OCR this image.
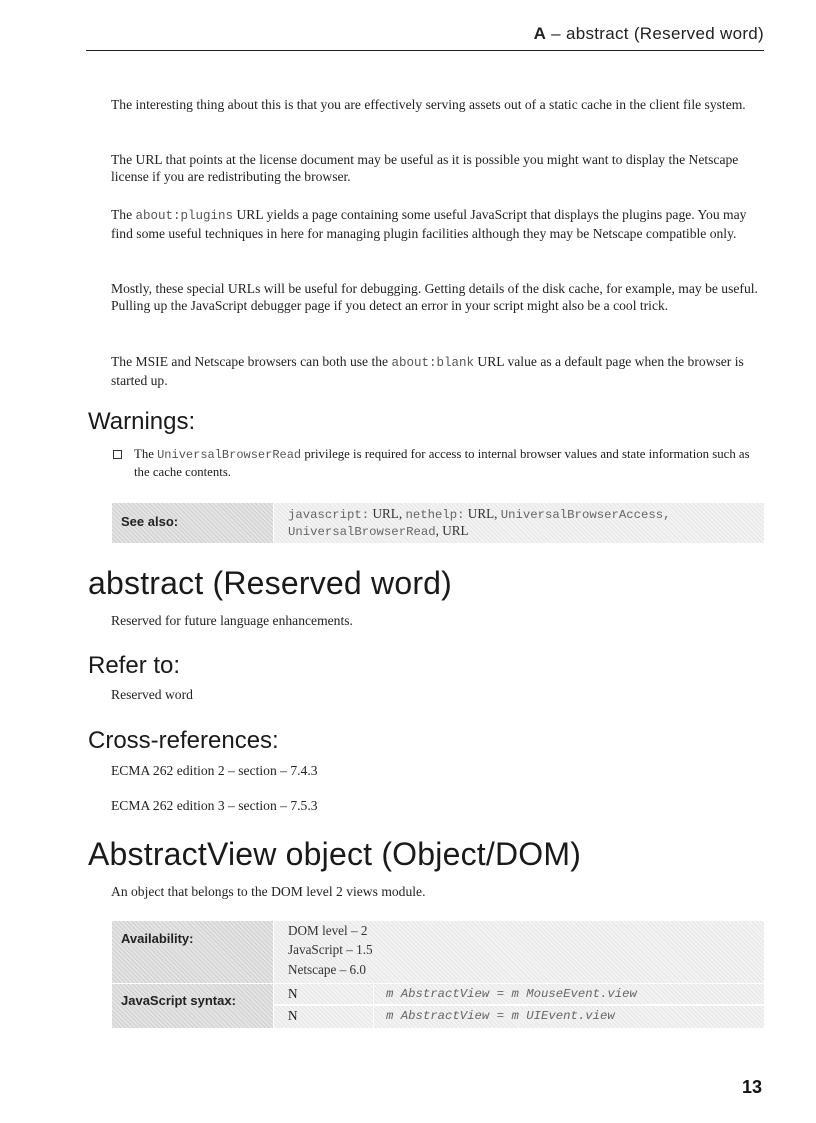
A – abstract (Reserved word)

The interesting thing about this is that you are effectively serving assets out of a static cache in the client file system.

The URL that points at the license document may be useful as it is possible you might want to display the Netscape license if you are redistributing the browser.

The about:plugins URL yields a page containing some useful JavaScript that displays the plugins page. You may find some useful techniques in here for managing plugin facilities although they may be Netscape compatible only.

Mostly, these special URLs will be useful for debugging. Getting details of the disk cache, for example, may be useful. Pulling up the JavaScript debugger page if you detect an error in your script might also be a cool trick.

The MSIE and Netscape browsers can both use the about:blank URL value as a default page when the browser is started up.

Warnings:
The UniversalBrowserRead privilege is required for access to internal browser values and state information such as the cache contents.
See also:	javascript: URL, nethelp: URL, UniversalBrowserAccess,
UniversalBrowserRead, URL
abstract (Reserved word)

Reserved for future language enhancements.

Refer to:

Reserved word

Cross-references:

ECMA 262 edition 2 – section – 7.4.3

ECMA 262 edition 3 – section – 7.5.3

AbstractView object (Object/DOM)

An object that belongs to the DOM level 2 views module.

Availability:
DOM level – 2
JavaScript – 1.5
Netscape – 6.0
JavaScript syntax:	N	m AbstractView = m MouseEvent.view
N	m AbstractView = m UIEvent.view
13
